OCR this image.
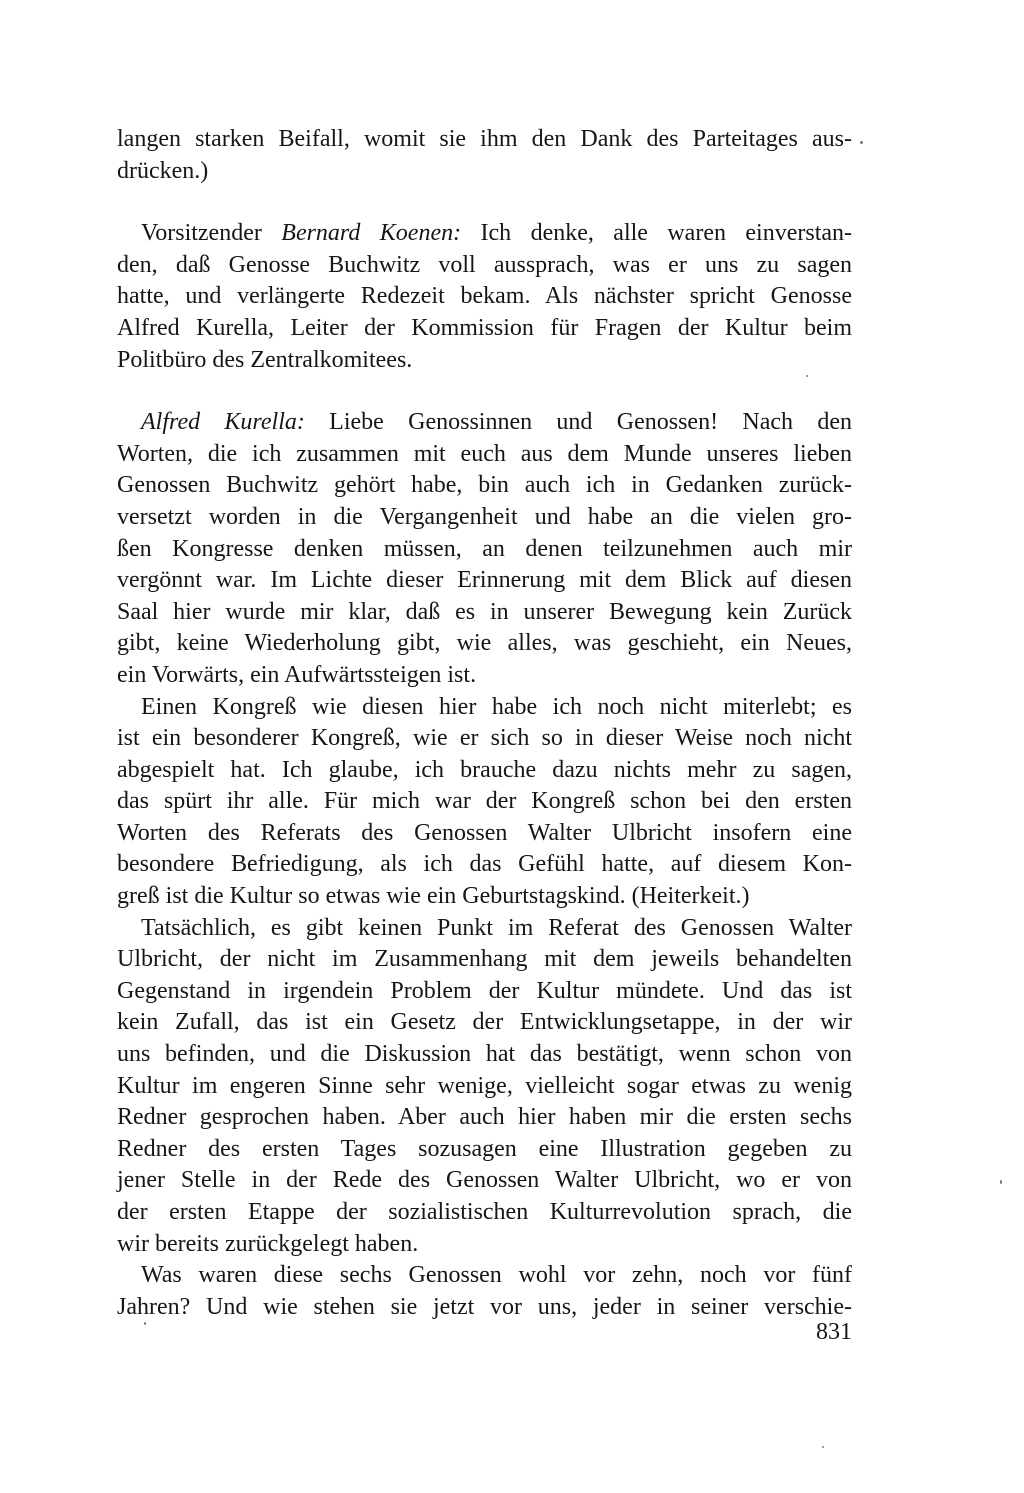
langen starken Beifall, womit sie ihm den Dank des Parteitages aus-
drücken.)
Vorsitzender Bernard Koenen: Ich denke, alle waren einverstan-
den, daß Genosse Buchwitz voll aussprach, was er uns zu sagen
hatte, und verlängerte Redezeit bekam. Als nächster spricht Genosse
Alfred Kurella, Leiter der Kommission für Fragen der Kultur beim
Politbüro des Zentralkomitees.
Alfred Kurella: Liebe Genossinnen und Genossen! Nach den
Worten, die ich zusammen mit euch aus dem Munde unseres lieben
Genossen Buchwitz gehört habe, bin auch ich in Gedanken zurück-
versetzt worden in die Vergangenheit und habe an die vielen gro-
ßen Kongresse denken müssen, an denen teilzunehmen auch mir
vergönnt war. Im Lichte dieser Erinnerung mit dem Blick auf diesen
Saal hier wurde mir klar, daß es in unserer Bewegung kein Zurück
gibt, keine Wiederholung gibt, wie alles, was geschieht, ein Neues,
ein Vorwärts, ein Aufwärtssteigen ist.
Einen Kongreß wie diesen hier habe ich noch nicht miterlebt; es
ist ein besonderer Kongreß, wie er sich so in dieser Weise noch nicht
abgespielt hat. Ich glaube, ich brauche dazu nichts mehr zu sagen,
das spürt ihr alle. Für mich war der Kongreß schon bei den ersten
Worten des Referats des Genossen Walter Ulbricht insofern eine
besondere Befriedigung, als ich das Gefühl hatte, auf diesem Kon-
greß ist die Kultur so etwas wie ein Geburtstagskind. (Heiterkeit.)
Tatsächlich, es gibt keinen Punkt im Referat des Genossen Walter
Ulbricht, der nicht im Zusammenhang mit dem jeweils behandelten
Gegenstand in irgendein Problem der Kultur mündete. Und das ist
kein Zufall, das ist ein Gesetz der Entwicklungsetappe, in der wir
uns befinden, und die Diskussion hat das bestätigt, wenn schon von
Kultur im engeren Sinne sehr wenige, vielleicht sogar etwas zu wenig
Redner gesprochen haben. Aber auch hier haben mir die ersten sechs
Redner des ersten Tages sozusagen eine Illustration gegeben zu
jener Stelle in der Rede des Genossen Walter Ulbricht, wo er von
der ersten Etappe der sozialistischen Kulturrevolution sprach, die
wir bereits zurückgelegt haben.
Was waren diese sechs Genossen wohl vor zehn, noch vor fünf
Jahren? Und wie stehen sie jetzt vor uns, jeder in seiner verschie-
831
